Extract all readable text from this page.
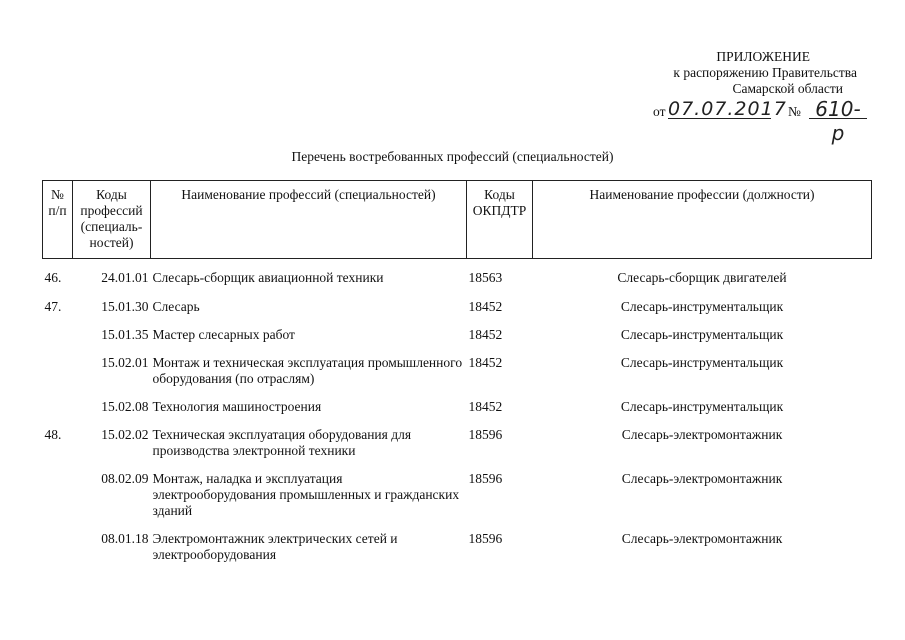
ПРИЛОЖЕНИЕ
к распоряжению Правительства
Самарской области
от 07.07.2017 № 610-р
Перечень востребованных профессий (специальностей)
№ п/п	Коды профессий (специаль-ностей)	Наименование профессий (специальностей)	Коды ОКПДТР	Наименование профессии (должности)
46.	24.01.01	Слесарь-сборщик авиационной техники	18563	Слесарь-сборщик двигателей
47.	15.01.30	Слесарь	18452	Слесарь-инструментальщик
	15.01.35	Мастер слесарных работ	18452	Слесарь-инструментальщик
	15.02.01	Монтаж и техническая эксплуатация промышленного оборудования (по отраслям)	18452	Слесарь-инструментальщик
	15.02.08	Технология машиностроения	18452	Слесарь-инструментальщик
48.	15.02.02	Техническая эксплуатация оборудования для производства электронной техники	18596	Слесарь-электромонтажник
	08.02.09	Монтаж, наладка и эксплуатация электрооборудования промышленных и гражданских зданий	18596	Слесарь-электромонтажник
	08.01.18	Электромонтажник электрических сетей и электрооборудования	18596	Слесарь-электромонтажник
